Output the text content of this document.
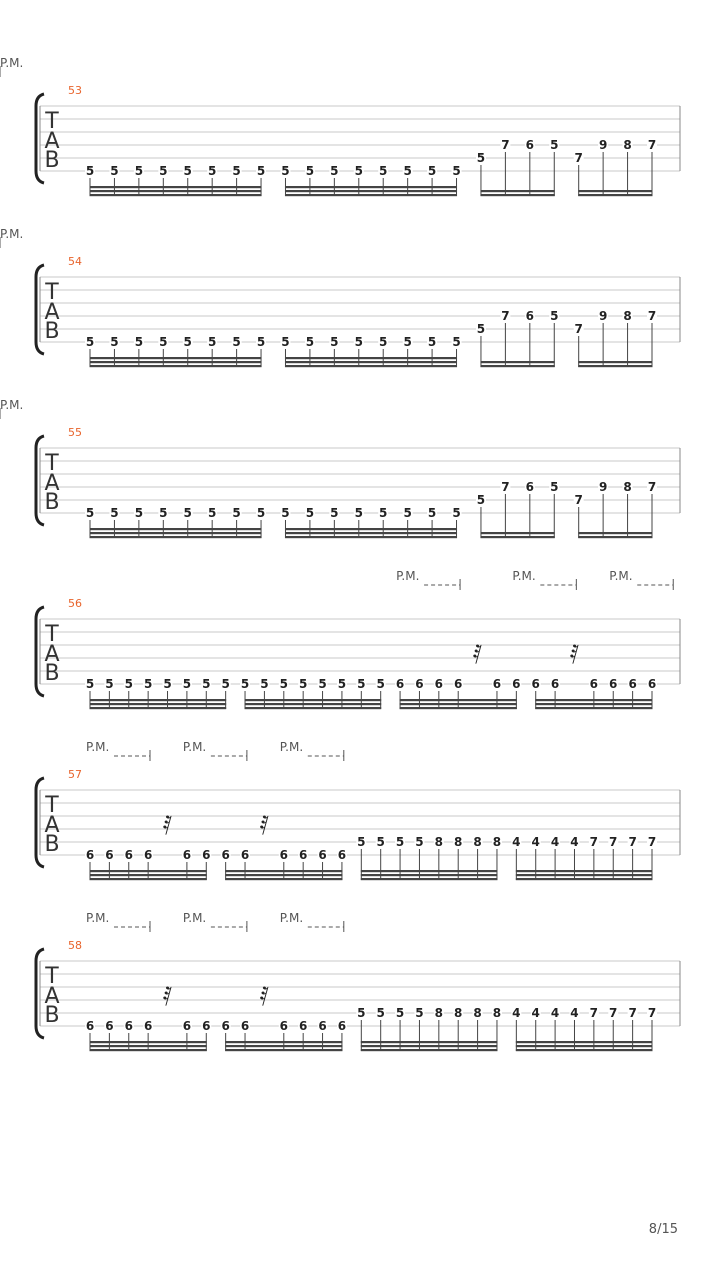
T
A
B
53
P.M.
5 5 5 5 5 5 5 5 5 5 5 5 5 5 5 5
5
7 6 5
7
9 8 7
T
A
B
54
P.M.
5 5 5 5 5 5 5 5 5 5 5 5 5 5 5 5
5
7 6 5
7
9 8 7
T
A
B
55
P.M.
5 5 5 5 5 5 5 5 5 5 5 5 5 5 5 5
5
7 6 5
7
9 8 7
T
A
B
56
P.M.	P.M.	P.M.
5 5 5 5 5 5 5 5 5 5 5 5 5 5 5 5 6 6 6 6
𝅀
6 6 6 6
𝅀
6 6 6 6
T
A
B
57
P.M.	P.M.	P.M.
6 6 6 6
𝅀
6 6 6 6
𝅀
6 6 6 6
5 5 5 5 8 8 8 8 4 4 4 4 7 7 7 7
T
A
B
58
P.M.	P.M.	P.M.
6 6 6 6
𝅀
6 6 6 6
𝅀
6 6 6 6
5 5 5 5 8 8 8 8 4 4 4 4 7 7 7 7
8/15
